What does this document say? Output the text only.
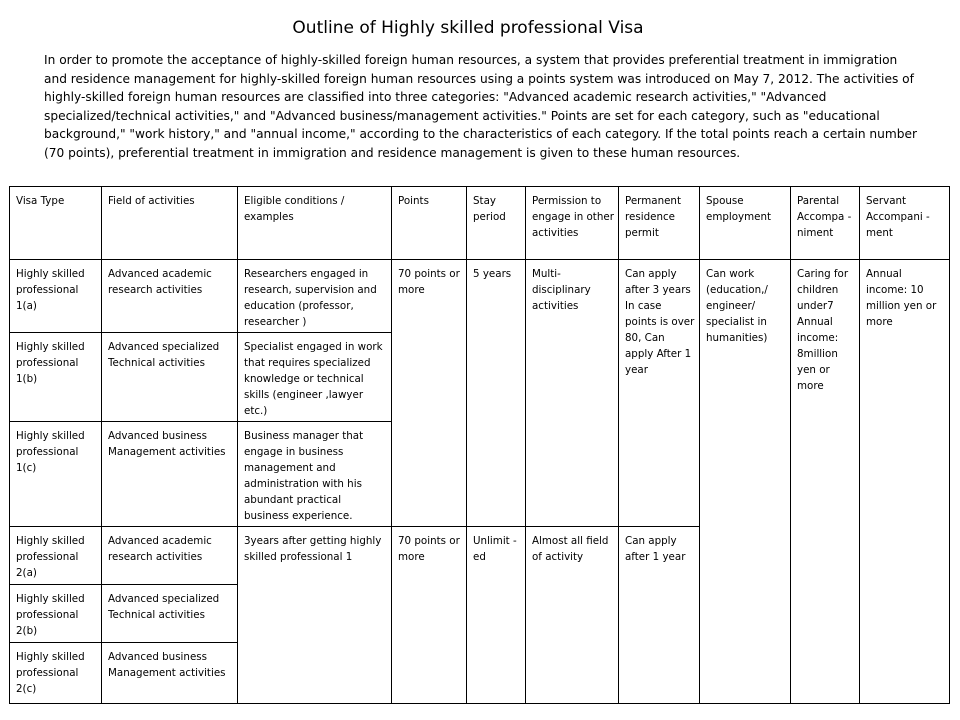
Outline of Highly skilled professional Visa
In order to promote the acceptance of highly-skilled foreign human resources, a system that provides preferential treatment in immigration and residence management for highly-skilled foreign human resources using a points system was introduced on May 7, 2012. The activities of highly-skilled foreign human resources are classified into three categories: "Advanced academic research activities," "Advanced specialized/technical activities," and "Advanced business/management activities." Points are set for each category, such as "educational background," "work history," and "annual income," according to the characteristics of each category. If the total points reach a certain number (70 points), preferential treatment in immigration and residence management is given to these human resources.
Visa Type	Field of activities	Eligible conditions / examples	Points	Stay period	Permission to engage in other activities	Permanent residence permit	Spouse employment	Parental Accompa -niment	Servant Accompani -ment
Highly skilled professional 1(a)	Advanced academic research activities	Researchers engaged in research, supervision and education (professor, researcher )	70 points or more	5 years	Multi- disciplinary activities	Can apply after 3 years In case points is over 80, Can apply After 1 year	Can work (education,/ engineer/ specialist in humanities)	Caring for children under7 Annual income: 8million yen or more	Annual income: 10 million yen or more
Highly skilled professional 1(b)	Advanced specialized Technical activities	Specialist engaged in work that requires specialized knowledge or technical skills (engineer ,lawyer etc.)							
Highly skilled professional 1(c)	Advanced business Management activities	Business manager that engage in business management and administration with his abundant practical business experience.							
Highly skilled professional 2(a)	Advanced academic research activities	3years after getting highly skilled professional 1	70 points or more	Unlimit -ed	Almost all field of activity	Can apply after 1 year			
Highly skilled professional 2(b)	Advanced specialized Technical activities								
Highly skilled professional 2(c)	Advanced business Management activities								
